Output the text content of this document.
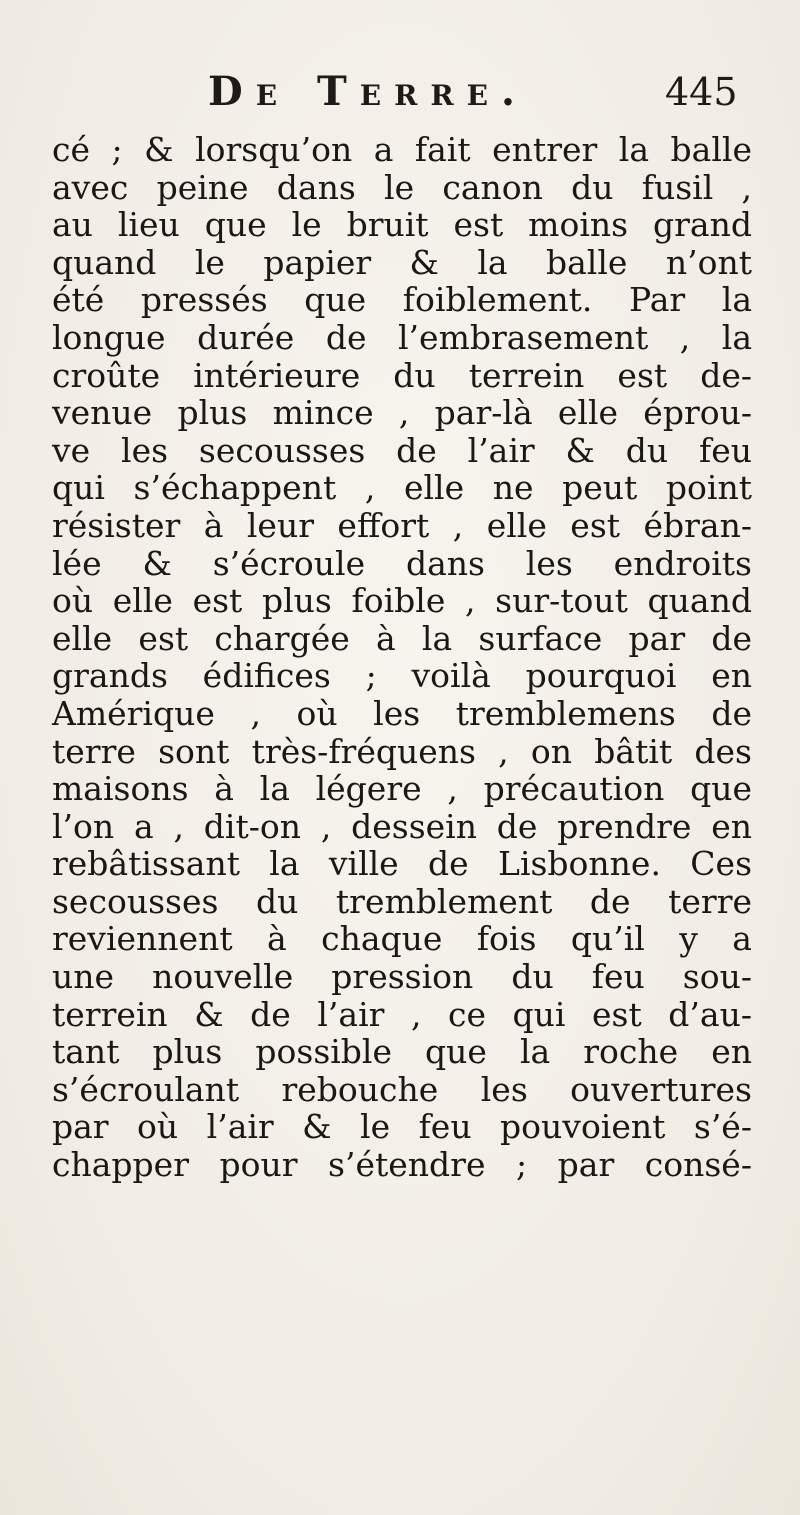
De Terre.	445
cé ; & lorsqu’on a fait entrer la balle
avec peine dans le canon du fusil ,
au lieu que le bruit est moins grand
quand le papier & la balle n’ont
été pressés que foiblement. Par la
longue durée de l’embrasement , la
croûte intérieure du terrein est de-
venue plus mince , par-là elle éprou-
ve les secousses de l’air & du feu
qui s’échappent , elle ne peut point
résister à leur effort , elle est ébran-
lée & s’écroule dans les endroits
où elle est plus foible , sur-tout quand
elle est chargée à la surface par de
grands édifices ; voilà pourquoi en
Amérique , où les tremblemens de
terre sont très-fréquens , on bâtit des
maisons à la légere , précaution que
l’on a , dit-on , dessein de prendre en
rebâtissant la ville de Lisbonne. Ces
secousses du tremblement de terre
reviennent à chaque fois qu’il y a
une nouvelle pression du feu sou-
terrein & de l’air , ce qui est d’au-
tant plus possible que la roche en
s’écroulant rebouche les ouvertures
par où l’air & le feu pouvoient s’é-
chapper pour s’étendre ; par consé-
